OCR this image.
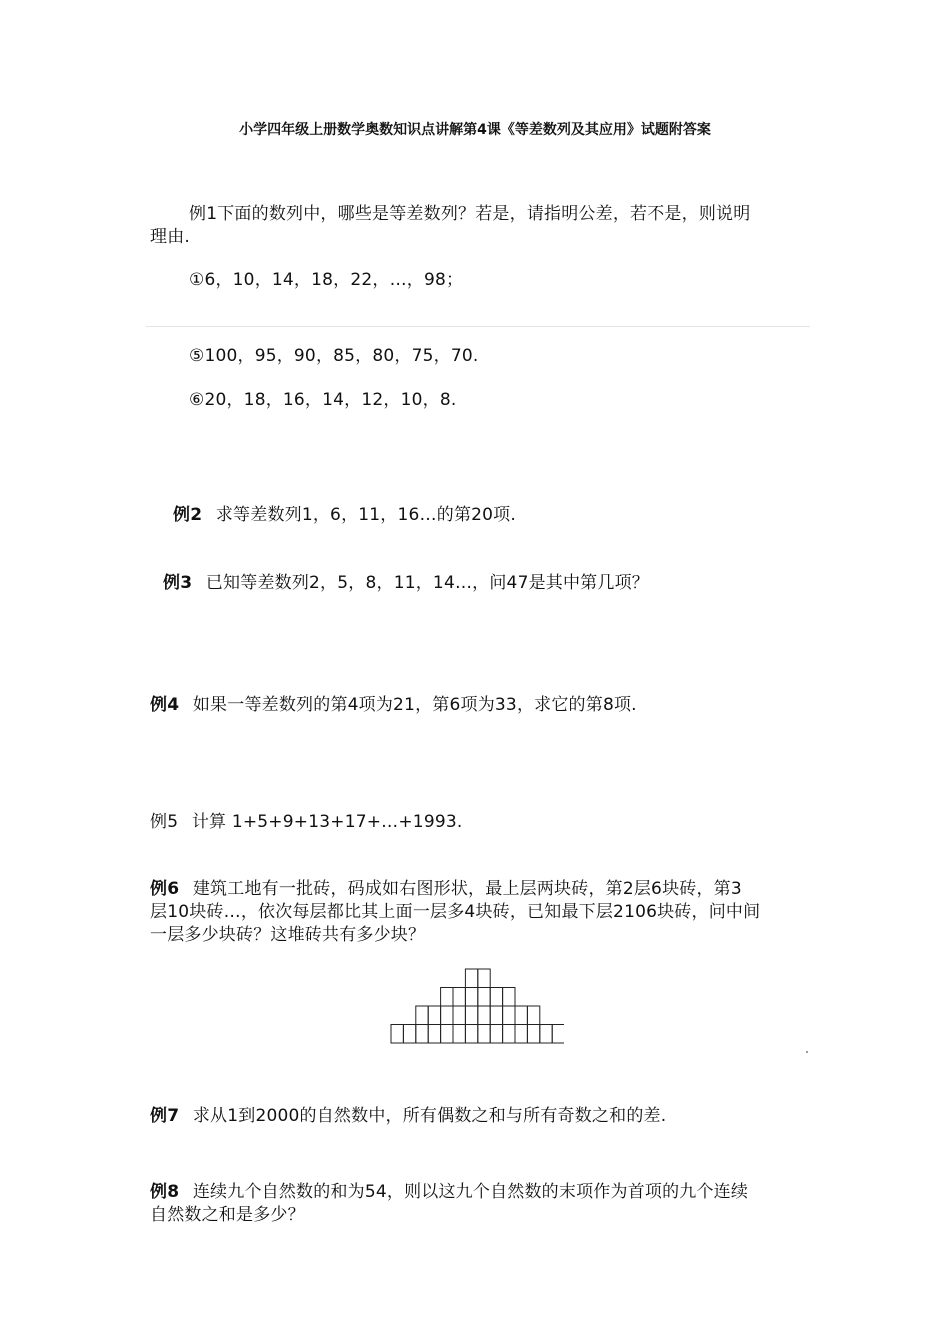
小学四年级上册数学奥数知识点讲解第4课《等差数列及其应用》试题附答案
例1下面的数列中，哪些是等差数列？若是，请指明公差，若不是，则说明
理由.
①6，10，14，18，22，…，98；
⑤100，95，90，85，80，75，70.
⑥20，18，16，14，12，10，8.
例2 求等差数列1，6，11，16…的第20项.
例3 已知等差数列2，5，8，11，14…，问47是其中第几项？
例4 如果一等差数列的第4项为21，第6项为33，求它的第8项.
例5 计算 1+5+9+13+17+…+1993.
例6 建筑工地有一批砖，码成如右图形状，最上层两块砖，第2层6块砖，第3
层10块砖…，依次每层都比其上面一层多4块砖，已知最下层2106块砖，问中间
一层多少块砖？这堆砖共有多少块？
例7 求从1到2000的自然数中，所有偶数之和与所有奇数之和的差.
例8 连续九个自然数的和为54，则以这九个自然数的末项作为首项的九个连续
自然数之和是多少？
